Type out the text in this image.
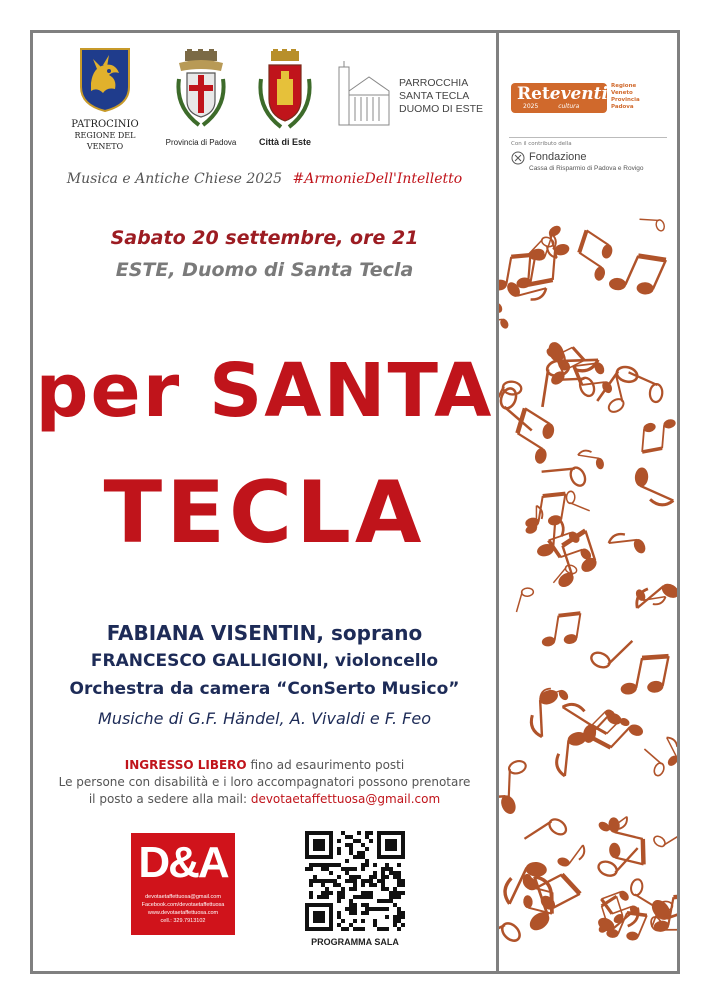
PATROCINIO
REGIONE DEL VENETO	Provincia di Padova	Città di Este
PARROCCHIA
SANTA TECLA
DUOMO DI ESTE
Musica e Antiche Chiese 2025 #ArmonieDell'Intelletto
Sabato 20 settembre, ore 21
ESTE, Duomo di Santa Tecla
per SANTA
TECLA
FABIANA VISENTIN, soprano
FRANCESCO GALLIGIONI, violoncello
Orchestra da camera “ConSerto Musico”
Musiche di G.F. Händel, A. Vivaldi e F. Feo
INGRESSO LIBERO fino ad esaurimento posti
Le persone con disabilità e i loro accompagnatori possono prenotare
il posto a sedere alla mail: devotaetaffettuosa@gmail.com
D&A
devotaetaffettuosa@gmail.com
Facebook.com/devotaetaffettuosa
www.devotaetaffettuosa.com
cell.: 329.7913102
PROGRAMMA SALA
Reteventi
2025	cultura
Regione
Veneto
Provincia
Padova
Con il contributo della
Fondazione
Cassa di Risparmio di Padova e Rovigo
